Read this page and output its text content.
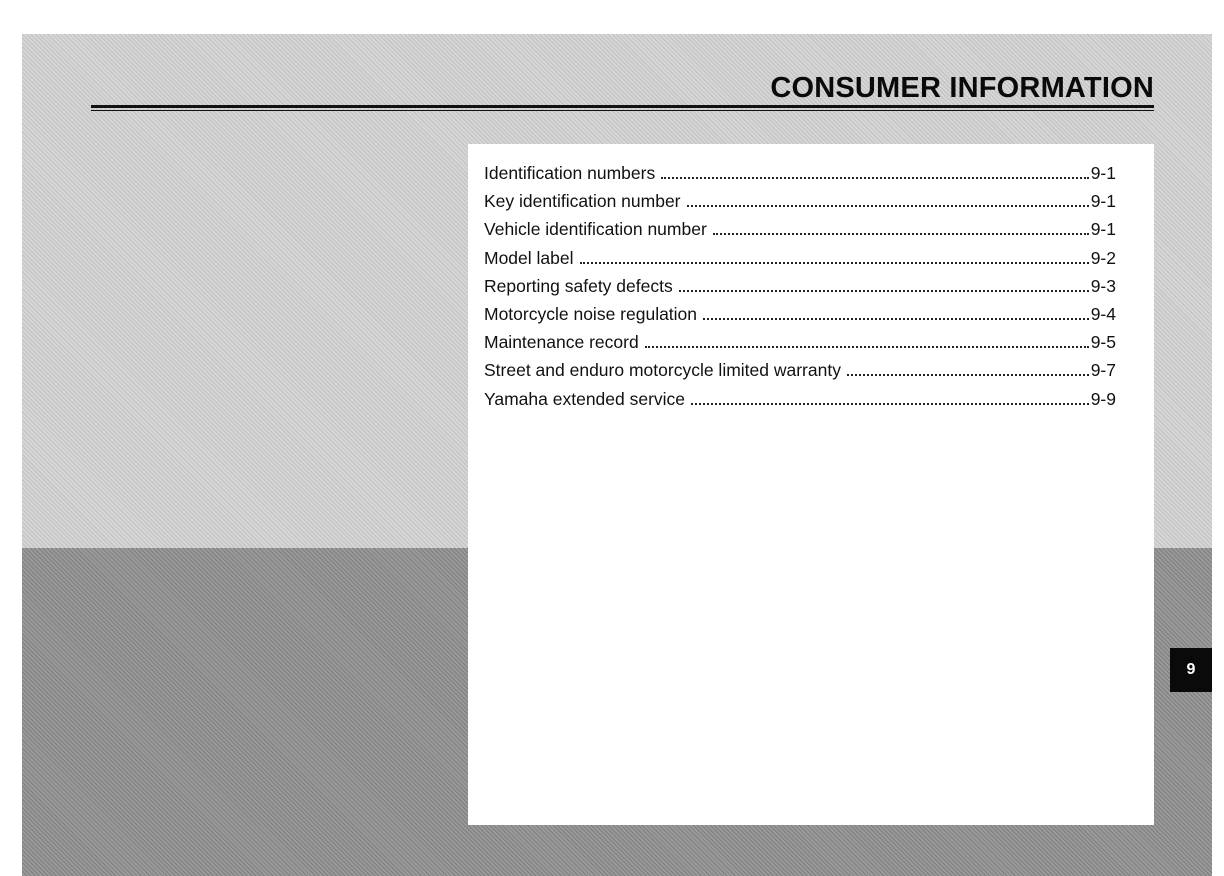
CONSUMER INFORMATION
Identification numbers	9-1
Key identification number	9-1
Vehicle identification number	9-1
Model label	9-2
Reporting safety defects	9-3
Motorcycle noise regulation	9-4
Maintenance record	9-5
Street and enduro motorcycle limited warranty	9-7
Yamaha extended service	9-9
9
